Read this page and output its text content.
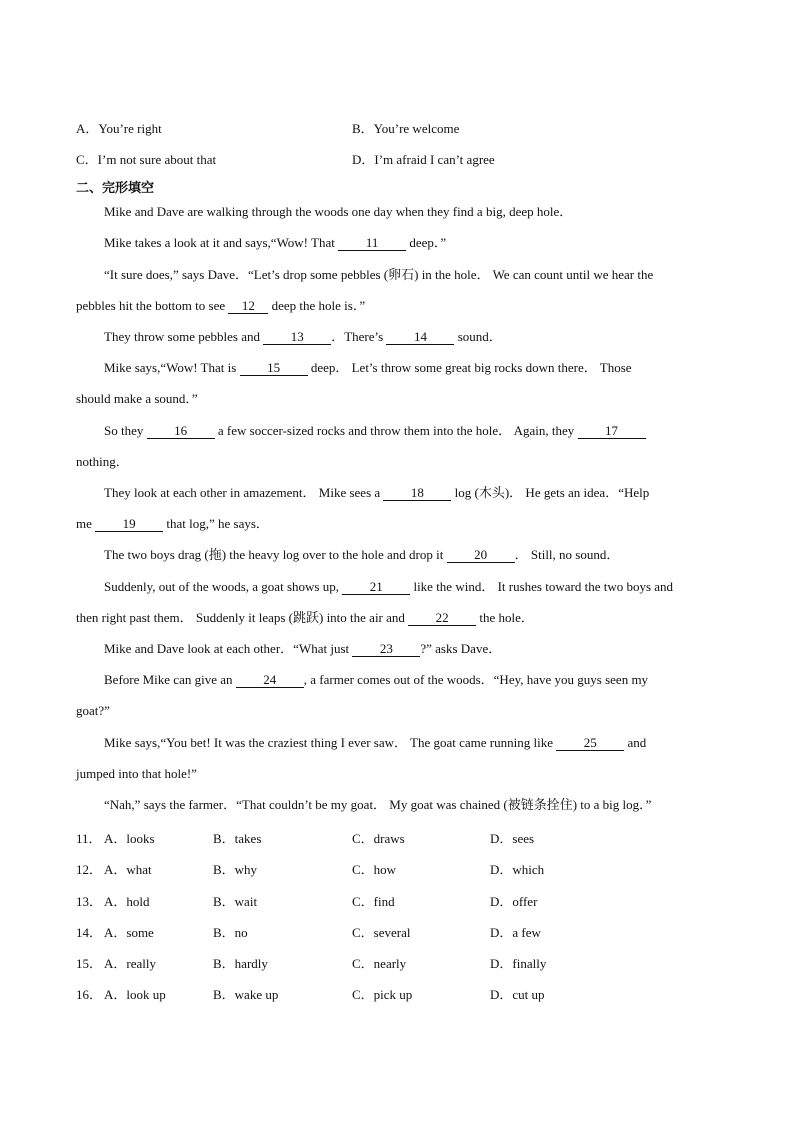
A．You’re right	B．You’re welcome
C．I’m not sure about that	D．I’m afraid I can’t agree
二、完形填空
Mike and Dave are walking through the woods one day when they find a big, deep hole．
Mike takes a look at it and says,“Wow! That 11 deep．”
“It sure does,” says Dave．“Let’s drop some pebbles (卵石) in the hole． We can count until we hear the
pebbles hit the bottom to see 12 deep the hole is．”
They throw some pebbles and 13 ．There’s 14 sound．
Mike says,“Wow! That is 15 deep． Let’s throw some great big rocks down there． Those
should make a sound．”
So they 16 a few soccer-sized rocks and throw them into the hole． Again, they 17
nothing．
They look at each other in amazement． Mike sees a 18 log (木头)． He gets an idea．“Help
me 19 that log,” he says．
The two boys drag (拖) the heavy log over to the hole and drop it 20 ． Still, no sound．
Suddenly, out of the woods, a goat shows up, 21 like the wind． It rushes toward the two boys and
then right past them． Suddenly it leaps (跳跃) into the air and 22 the hole．
Mike and Dave look at each other．“What just 23 ?” asks Dave．
Before Mike can give an 24 , a farmer comes out of the woods．“Hey, have you guys seen my
goat?”
Mike says,“You bet! It was the craziest thing I ever saw． The goat came running like 25 and
jumped into that hole!”
“Nah,” says the farmer．“That couldn’t be my goat． My goat was chained (被链条拴住) to a big log．”
11． A．looks	B．takes	C．draws	D．sees
12． A．what	B．why	C．how	D．which
13． A．hold	B．wait	C．find	D．offer
14． A．some	B．no	C．several	D．a few
15． A．really	B．hardly	C．nearly	D．finally
16． A．look up	B．wake up	C．pick up	D．cut up
